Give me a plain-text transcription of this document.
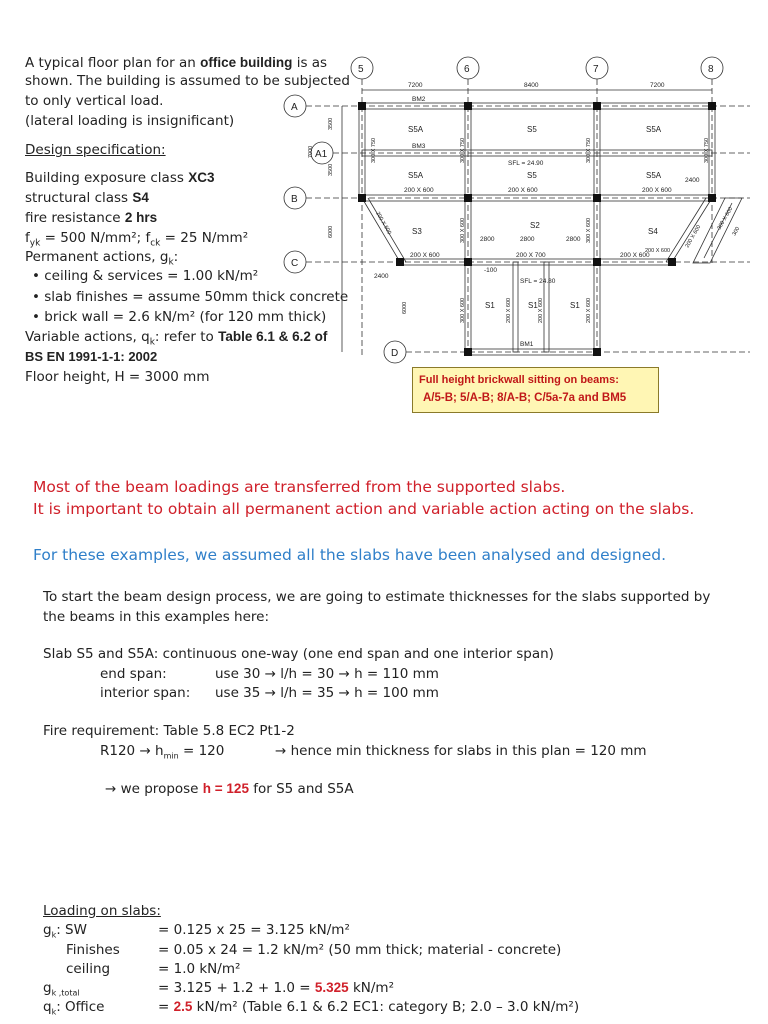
A typical floor plan for an office building is as
shown. The building is assumed to be subjected
to only vertical load.
(lateral loading is insignificant)
Design specification:
Building exposure class XC3
structural class S4
fire resistance 2 hrs
$f_{yk} = 500$ N/mm²; $f_{ck} = 25$ N/mm²
Permanent actions, $g_k$:
• ceiling & services = 1.00 kN/m²
• slab finishes = assume 50mm thick concrete
• brick wall = 2.6 kN/m² (for 120 mm thick)
Variable actions, $q_k$: refer to Table 6.1 & 6.2 of
BS EN 1991-1-1: 2002
Floor height, H = 3000 mm
5	6	7	8
A
A1
B
C
D
7200	8400	7200
BM2
BM3
200 X 600	200 X 600	200 X 600
200 X 600	200 X 700	200 X 600
BM1
SFL = 24.90
SFL = 24.80
2800	2800	2800
2400
2400
-100
S5A	S5	S5A
S5A	S5	S5A
S3
S2
S4
S1	S1	S1
3500
7000
3500
6000
6000
300 X 750	300 X 750
300 X 600
300 X 750	300 X 750
300 X 600
300 X 600	200 X 600	200 X 600	200 X 600
200 X 600
200 X 600
300 X 600
300
200 X 600
Full height brickwall sitting on beams:
A/5-B; 5/A-B; 8/A-B; C/5a-7a and BM5
Most of the beam loadings are transferred from the supported slabs.
It is important to obtain all permanent action and variable action acting on the slabs.
For these examples, we assumed all the slabs have been analysed and designed.
To start the beam design process, we are going to estimate thicknesses for the slabs supported by
the beams in this examples here:
Slab S5 and S5A: continuous one-way (one end span and one interior span)
end span:	use 30 → l/h = 30 → h = 110 mm
interior span: use 35 → l/h = 35 → h = 100 mm
Fire requirement: Table 5.8 EC2 Pt1-2
$R120 \to h_{min} = 120$	→ hence min thickness for slabs in this plan = 120 mm
→ we propose h = 125 for S5 and S5A
Loading on slabs:
$g_k$: SW	= 0.125 x 25 = 3.125 kN/m²
Finishes	= 0.05 x 24 = 1.2 kN/m² (50 mm thick; material - concrete)
ceiling	= 1.0 kN/m²
$g_{k ,total}$	= 3.125 + 1.2 + 1.0 = 5.325 kN/m²
$q_k$: Office	= 2.5 kN/m² (Table 6.1 & 6.2 EC1: category B; 2.0 – 3.0 kN/m²)
